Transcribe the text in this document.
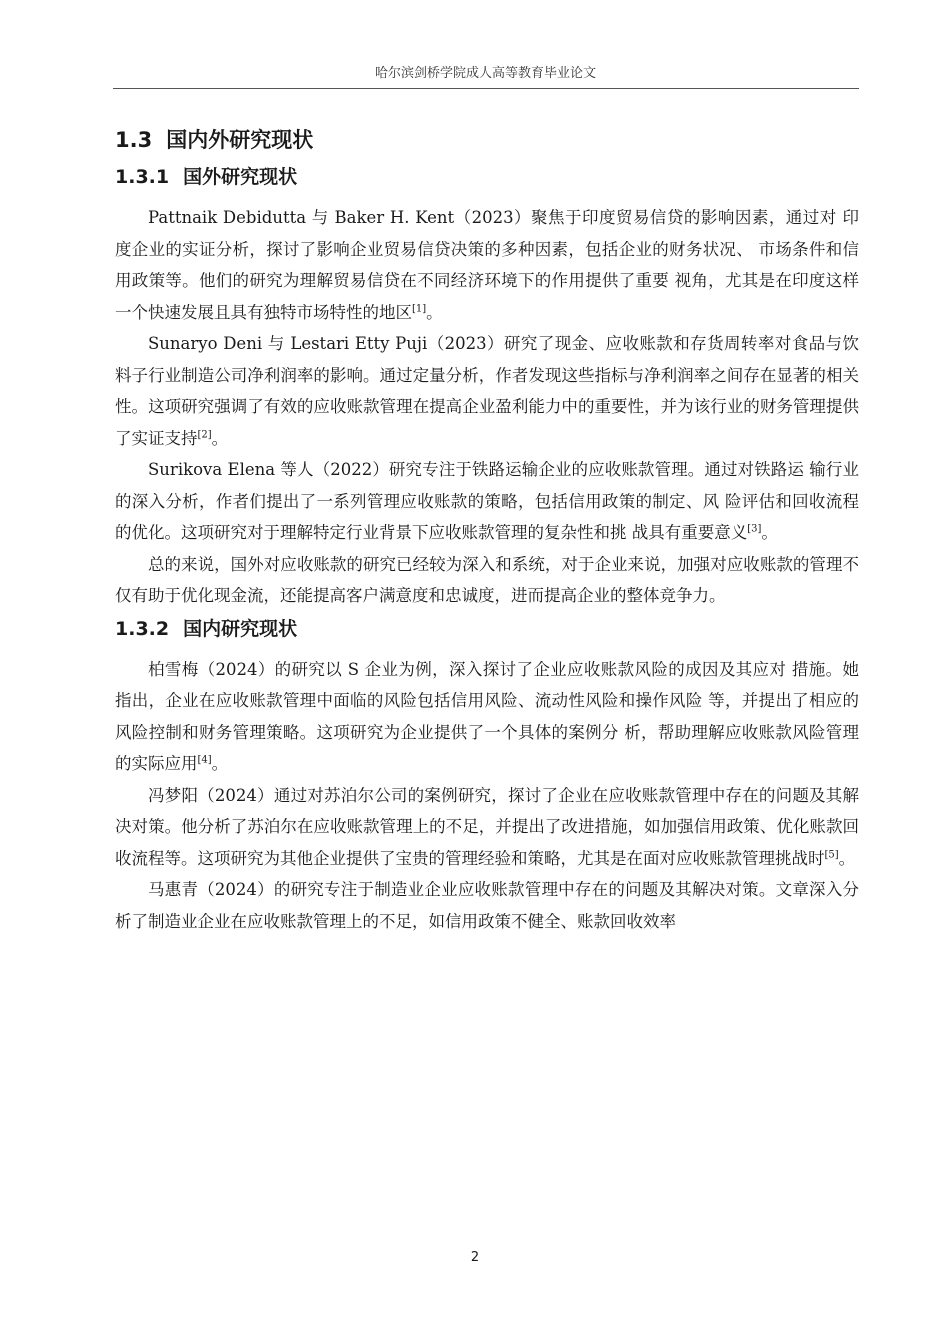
哈尔滨剑桥学院成人高等教育毕业论文
1.3 国内外研究现状
1.3.1 国外研究现状

Pattnaik Debidutta 与 Baker H. Kent（2023）聚焦于印度贸易信贷的影响因素，通过对 印度企业的实证分析，探讨了影响企业贸易信贷决策的多种因素，包括企业的财务状况、 市场条件和信用政策等。他们的研究为理解贸易信贷在不同经济环境下的作用提供了重要 视角，尤其是在印度这样一个快速发展且具有独特市场特性的地区[1]。

Sunaryo Deni 与 Lestari Etty Puji（2023）研究了现金、应收账款和存货周转率对食品与饮料子行业制造公司净利润率的影响。通过定量分析，作者发现这些指标与净利润率之间存在显著的相关性。这项研究强调了有效的应收账款管理在提高企业盈利能力中的重要性，并为该行业的财务管理提供了实证支持[2]。

Surikova Elena 等人（2022）研究专注于铁路运输企业的应收账款管理。通过对铁路运 输行业的深入分析，作者们提出了一系列管理应收账款的策略，包括信用政策的制定、风 险评估和回收流程的优化。这项研究对于理解特定行业背景下应收账款管理的复杂性和挑 战具有重要意义[3]。

总的来说，国外对应收账款的研究已经较为深入和系统，对于企业来说，加强对应收账款的管理不仅有助于优化现金流，还能提高客户满意度和忠诚度，进而提高企业的整体竞争力。

1.3.2 国内研究现状

柏雪梅（2024）的研究以 S 企业为例，深入探讨了企业应收账款风险的成因及其应对 措施。她指出，企业在应收账款管理中面临的风险包括信用风险、流动性风险和操作风险 等，并提出了相应的风险控制和财务管理策略。这项研究为企业提供了一个具体的案例分 析，帮助理解应收账款风险管理的实际应用[4]。

冯梦阳（2024）通过对苏泊尔公司的案例研究，探讨了企业在应收账款管理中存在的问题及其解决对策。他分析了苏泊尔在应收账款管理上的不足，并提出了改进措施，如加强信用政策、优化账款回收流程等。这项研究为其他企业提供了宝贵的管理经验和策略，尤其是在面对应收账款管理挑战时[5]。

马惠青（2024）的研究专注于制造业企业应收账款管理中存在的问题及其解决对策。文章深入分析了制造业企业在应收账款管理上的不足，如信用政策不健全、账款回收效率

2
